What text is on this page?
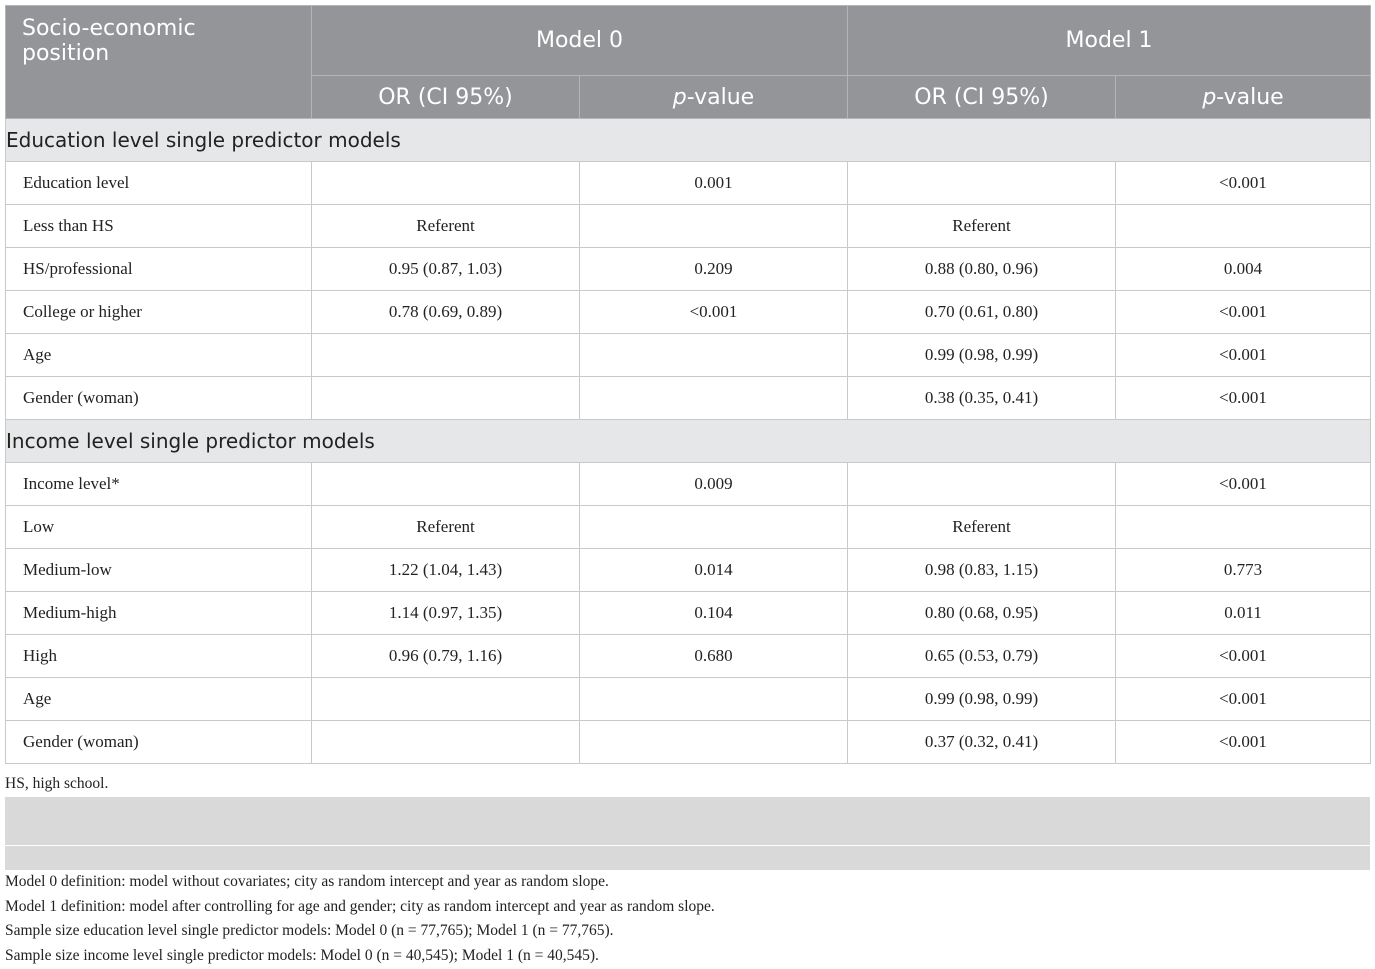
Socio-economic
position	Model 0		Model 1	
	OR (CI 95%)	p-value	OR (CI 95%)	p-value
Education level single predictor models				
Education level		0.001		<0.001
Less than HS	Referent		Referent	
HS/professional	0.95 (0.87, 1.03)	0.209	0.88 (0.80, 0.96)	0.004
College or higher	0.78 (0.69, 0.89)	<0.001	0.70 (0.61, 0.80)	<0.001
Age			0.99 (0.98, 0.99)	<0.001
Gender (woman)			0.38 (0.35, 0.41)	<0.001
Income level single predictor models				
Income level*		0.009		<0.001
Low	Referent		Referent	
Medium-low	1.22 (1.04, 1.43)	0.014	0.98 (0.83, 1.15)	0.773
Medium-high	1.14 (0.97, 1.35)	0.104	0.80 (0.68, 0.95)	0.011
High	0.96 (0.79, 1.16)	0.680	0.65 (0.53, 0.79)	<0.001
Age			0.99 (0.98, 0.99)	<0.001
Gender (woman)			0.37 (0.32, 0.41)	<0.001

HS, high school.

Model 0 definition: model without covariates; city as random intercept and year as random slope.

Model 1 definition: model after controlling for age and gender; city as random intercept and year as random slope.

Sample size education level single predictor models: Model 0 (n = 77,765); Model 1 (n = 77,765).

Sample size income level single predictor models: Model 0 (n = 40,545); Model 1 (n = 40,545).
